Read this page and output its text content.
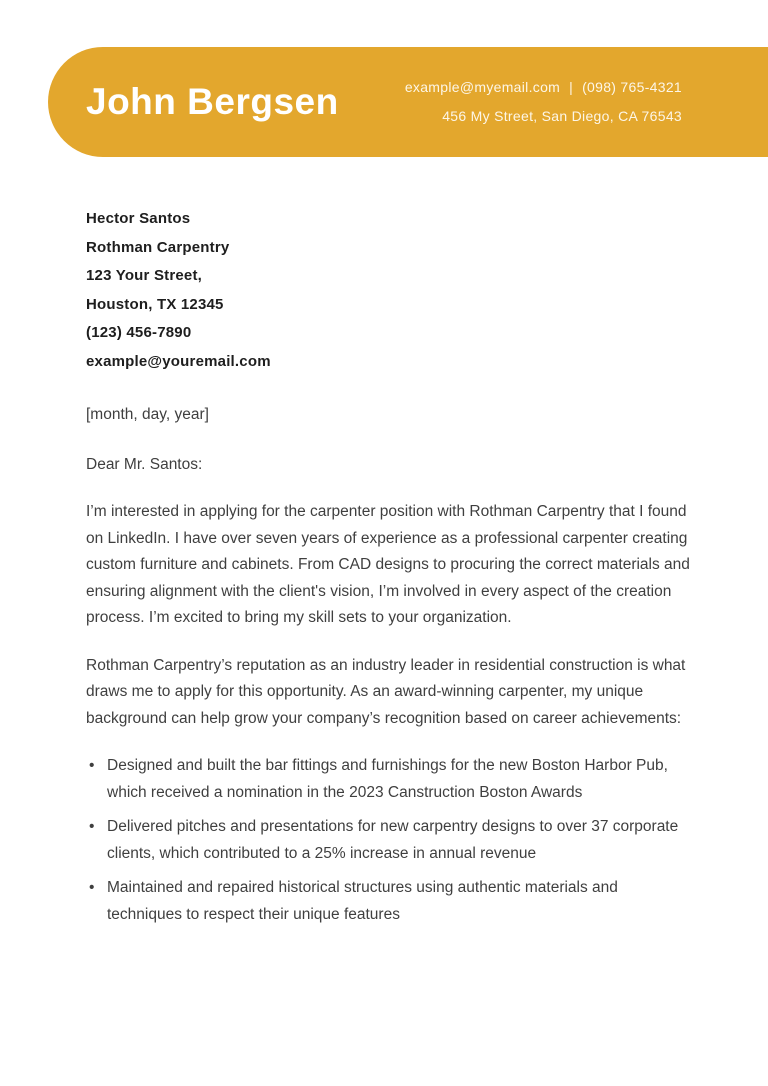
John Bergsen	example@myemail.com | (098) 765-4321
456 My Street, San Diego, CA 76543
Hector Santos
Rothman Carpentry
123 Your Street,
Houston, TX 12345
(123) 456-7890
example@youremail.com
[month, day, year]
Dear Mr. Santos:

I’m interested in applying for the carpenter position with Rothman Carpentry that I found on LinkedIn. I have over seven years of experience as a professional carpenter creating custom furniture and cabinets. From CAD designs to procuring the correct materials and ensuring alignment with the client's vision, I’m involved in every aspect of the creation process. I’m excited to bring my skill sets to your organization.

Rothman Carpentry’s reputation as an industry leader in residential construction is what draws me to apply for this opportunity. As an award-winning carpenter, my unique background can help grow your company’s recognition based on career achievements:

• Designed and built the bar fittings and furnishings for the new Boston Harbor Pub, which received a nomination in the 2023 Canstruction Boston Awards
• Delivered pitches and presentations for new carpentry designs to over 37 corporate clients, which contributed to a 25% increase in annual revenue
• Maintained and repaired historical structures using authentic materials and techniques to respect their unique features
